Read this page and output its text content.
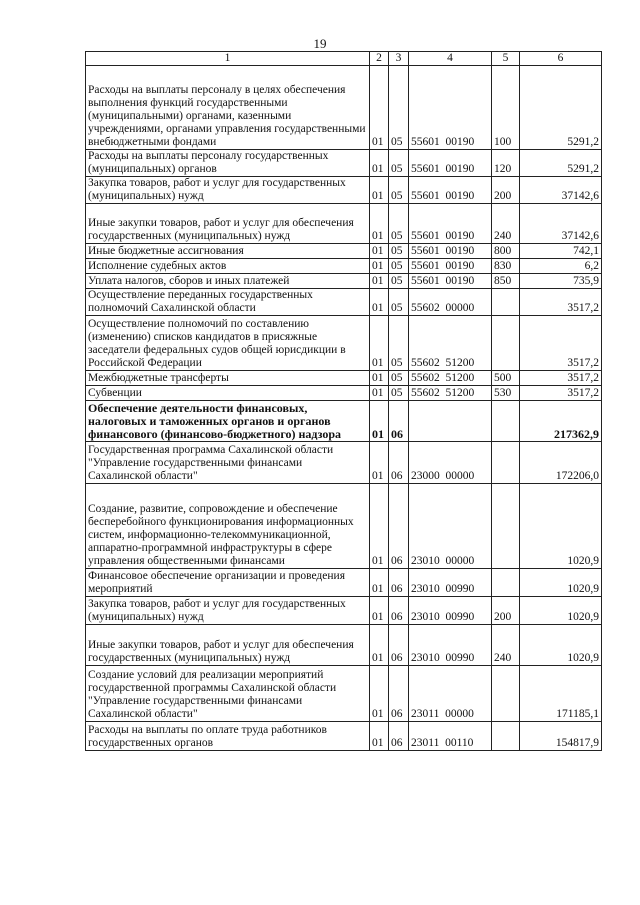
19
1	2	3	4	5	6
Расходы на выплаты персоналу в целях обеспечения выполнения функций государственными (муниципальными) органами, казенными учреждениями, органами управления государственными внебюджетными фондами	01	05	55601  00190	100	5291,2
Расходы на выплаты персоналу государственных (муниципальных) органов	01	05	55601  00190	120	5291,2
Закупка товаров, работ и услуг для государственных (муниципальных) нужд	01	05	55601  00190	200	37142,6
Иные закупки товаров, работ и услуг для обеспечения государственных (муниципальных) нужд	01	05	55601  00190	240	37142,6
Иные бюджетные ассигнования	01	05	55601  00190	800	742,1
Исполнение судебных актов	01	05	55601  00190	830	6,2
Уплата налогов, сборов и иных платежей	01	05	55601  00190	850	735,9
Осуществление переданных государственных полномочий Сахалинской области	01	05	55602  00000		3517,2
Осуществление полномочий по составлению (изменению) списков кандидатов в присяжные заседатели федеральных судов общей юрисдикции в Российской Федерации	01	05	55602  51200		3517,2
Межбюджетные трансферты	01	05	55602  51200	500	3517,2
Субвенции	01	05	55602  51200	530	3517,2
Обеспечение деятельности финансовых, налоговых и таможенных органов и органов финансового (финансово-бюджетного) надзора	01	06			217362,9
Государственная программа Сахалинской области "Управление государственными финансами Сахалинской области"	01	06	23000  00000		172206,0
Создание, развитие, сопровождение и обеспечение бесперебойного функционирования информационных систем, информационно-телекоммуникационной, аппаратно-программной инфраструктуры в сфере управления общественными финансами	01	06	23010  00000		1020,9
Финансовое обеспечение организации и проведения мероприятий	01	06	23010  00990		1020,9
Закупка товаров, работ и услуг для государственных (муниципальных) нужд	01	06	23010  00990	200	1020,9
Иные закупки товаров, работ и услуг для обеспечения государственных (муниципальных) нужд	01	06	23010  00990	240	1020,9
Создание условий для реализации мероприятий государственной программы Сахалинской области "Управление государственными финансами Сахалинской области"	01	06	23011  00000		171185,1
Расходы на выплаты по оплате труда работников государственных органов	01	06	23011  00110		154817,9
